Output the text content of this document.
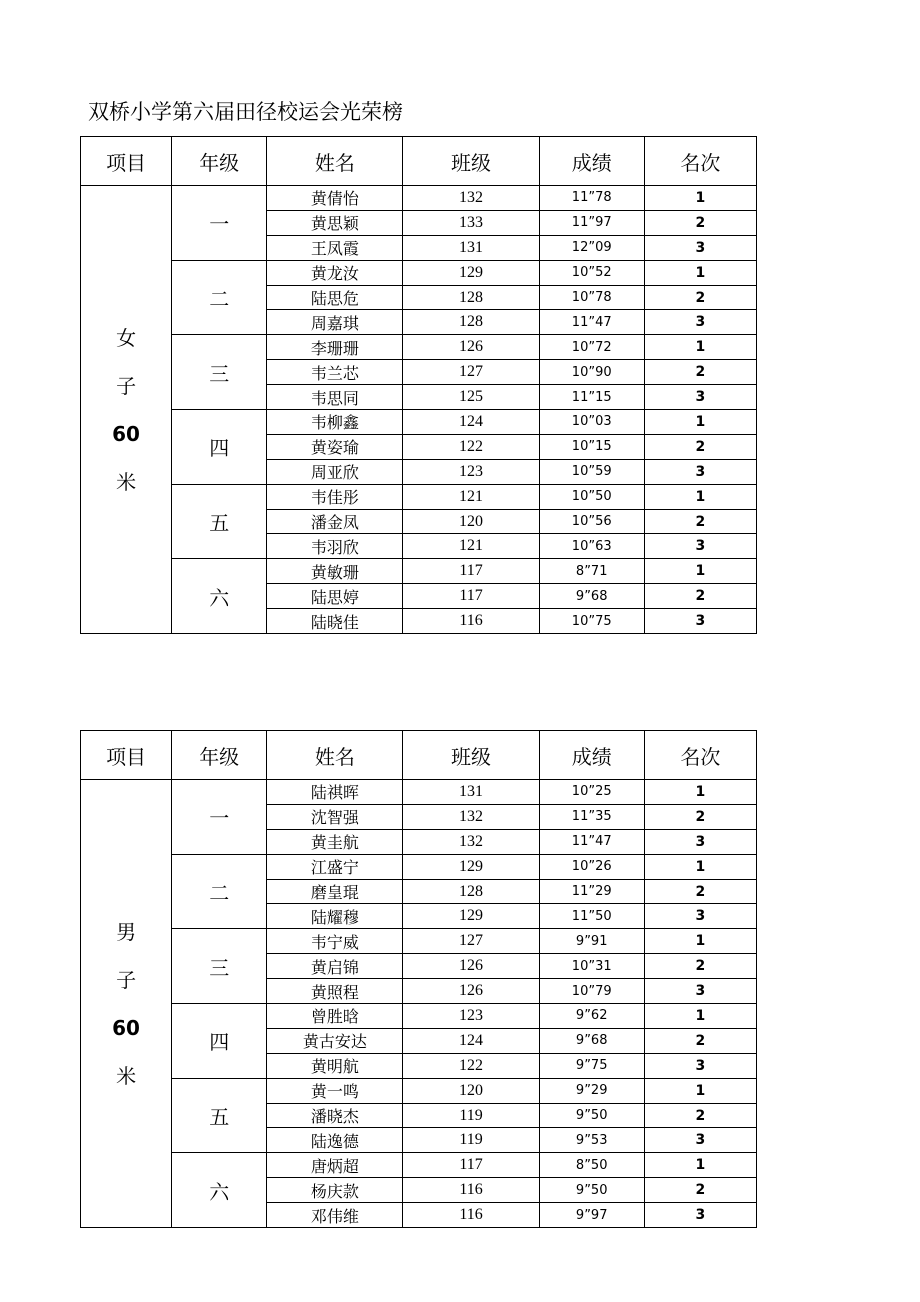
双桥小学第六届田径校运会光荣榜
项目	年级	姓名	班级	成绩	名次

女
子
60
米	一	黄倩怡	132	11”78	1
		黄思颖	133	11”97	2
		王凤霞	131	12”09	3
	二	黄龙汝	129	10”52	1
		陆思危	128	10”78	2
		周嘉琪	128	11”47	3
	三	李珊珊	126	10”72	1
		韦兰芯	127	10”90	2
		韦思同	125	11”15	3
	四	韦柳鑫	124	10”03	1
		黄姿瑜	122	10”15	2
		周亚欣	123	10”59	3
	五	韦佳彤	121	10”50	1
		潘金凤	120	10”56	2
		韦羽欣	121	10”63	3
	六	黄敏珊	117	8”71	1
		陆思婷	117	9”68	2
		陆晓佳	116	10”75	3
项目	年级	姓名	班级	成绩	名次

男
子
60
米	一	陆祺晖	131	10”25	1
		沈智强	132	11”35	2
		黄圭航	132	11”47	3
	二	江盛宁	129	10”26	1
		磨皇琨	128	11”29	2
		陆耀穆	129	11”50	3
	三	韦宁威	127	9”91	1
		黄启锦	126	10”31	2
		黄照程	126	10”79	3
	四	曾胜晗	123	9”62	1
		黄古安达	124	9”68	2
		黄明航	122	9”75	3
	五	黄一鸣	120	9”29	1
		潘晓杰	119	9”50	2
		陆逸德	119	9”53	3
	六	唐炳超	117	8”50	1
		杨庆款	116	9”50	2
		邓伟维	116	9”97	3
